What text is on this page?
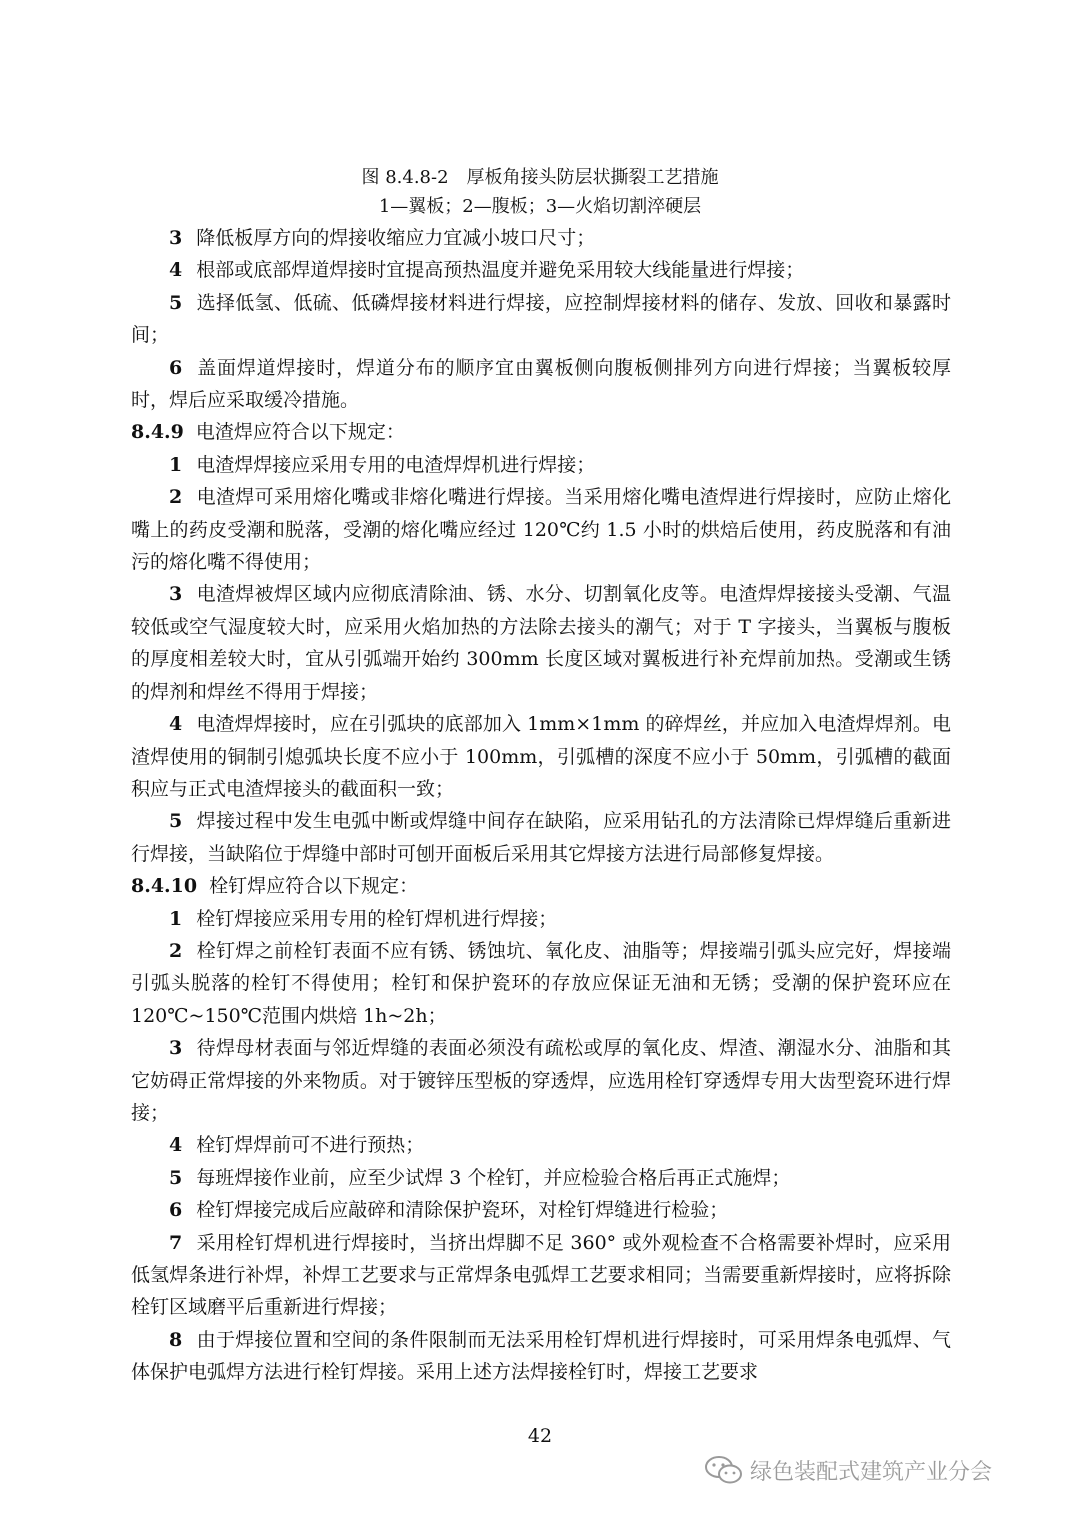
图 8.4.8-2　厚板角接头防层状撕裂工艺措施
1—翼板；2—腹板；3—火焰切割淬硬层

3 降低板厚方向的焊接收缩应力宜减小坡口尺寸；

4 根部或底部焊道焊接时宜提高预热温度并避免采用较大线能量进行焊接；

5 选择低氢、低硫、低磷焊接材料进行焊接，应控制焊接材料的储存、发放、回收和暴露时间；

6 盖面焊道焊接时，焊道分布的顺序宜由翼板侧向腹板侧排列方向进行焊接；当翼板较厚时，焊后应采取缓冷措施。

8.4.9 电渣焊应符合以下规定：

1 电渣焊焊接应采用专用的电渣焊焊机进行焊接；

2 电渣焊可采用熔化嘴或非熔化嘴进行焊接。当采用熔化嘴电渣焊进行焊接时，应防止熔化嘴上的药皮受潮和脱落，受潮的熔化嘴应经过 120℃约 1.5 小时的烘焙后使用，药皮脱落和有油污的熔化嘴不得使用；

3 电渣焊被焊区域内应彻底清除油、锈、水分、切割氧化皮等。电渣焊焊接接头受潮、气温较低或空气湿度较大时，应采用火焰加热的方法除去接头的潮气；对于 T 字接头，当翼板与腹板的厚度相差较大时，宜从引弧端开始约 300mm 长度区域对翼板进行补充焊前加热。受潮或生锈的焊剂和焊丝不得用于焊接；

4 电渣焊焊接时，应在引弧块的底部加入 1mm×1mm 的碎焊丝，并应加入电渣焊焊剂。电渣焊使用的铜制引熄弧块长度不应小于 100mm，引弧槽的深度不应小于 50mm，引弧槽的截面积应与正式电渣焊接头的截面积一致；

5 焊接过程中发生电弧中断或焊缝中间存在缺陷，应采用钻孔的方法清除已焊焊缝后重新进行焊接，当缺陷位于焊缝中部时可刨开面板后采用其它焊接方法进行局部修复焊接。

8.4.10 栓钉焊应符合以下规定：

1 栓钉焊接应采用专用的栓钉焊机进行焊接；

2 栓钉焊之前栓钉表面不应有锈、锈蚀坑、氧化皮、油脂等；焊接端引弧头应完好，焊接端引弧头脱落的栓钉不得使用；栓钉和保护瓷环的存放应保证无油和无锈；受潮的保护瓷环应在 120℃~150℃范围内烘焙 1h~2h；

3 待焊母材表面与邻近焊缝的表面必须没有疏松或厚的氧化皮、焊渣、潮湿水分、油脂和其它妨碍正常焊接的外来物质。对于镀锌压型板的穿透焊，应选用栓钉穿透焊专用大齿型瓷环进行焊接；

4 栓钉焊焊前可不进行预热；

5 每班焊接作业前，应至少试焊 3 个栓钉，并应检验合格后再正式施焊；

6 栓钉焊接完成后应敲碎和清除保护瓷环，对栓钉焊缝进行检验；

7 采用栓钉焊机进行焊接时，当挤出焊脚不足 360° 或外观检查不合格需要补焊时，应采用低氢焊条进行补焊，补焊工艺要求与正常焊条电弧焊工艺要求相同；当需要重新焊接时，应将拆除栓钉区域磨平后重新进行焊接；

8 由于焊接位置和空间的条件限制而无法采用栓钉焊机进行焊接时，可采用焊条电弧焊、气体保护电弧焊方法进行栓钉焊接。采用上述方法焊接栓钉时，焊接工艺要求

42
绿色装配式建筑产业分会
